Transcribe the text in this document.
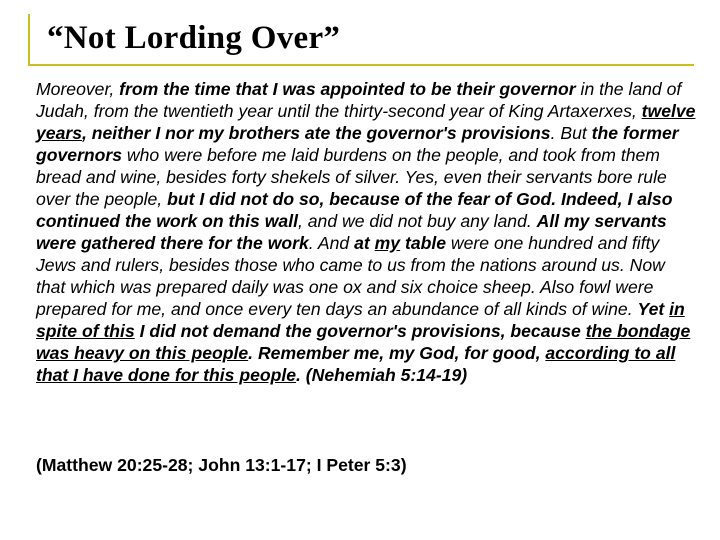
“Not Lording Over”
Moreover, from the time that I was appointed to be their governor in the land of Judah, from the twentieth year until the thirty-second year of King Artaxerxes, twelve years, neither I nor my brothers ate the governor's provisions. But the former governors who were before me laid burdens on the people, and took from them bread and wine, besides forty shekels of silver. Yes, even their servants bore rule over the people, but I did not do so, because of the fear of God. Indeed, I also continued the work on this wall, and we did not buy any land. All my servants were gathered there for the work. And at my table were one hundred and fifty Jews and rulers, besides those who came to us from the nations around us. Now that which was prepared daily was one ox and six choice sheep. Also fowl were prepared for me, and once every ten days an abundance of all kinds of wine. Yet in spite of this I did not demand the governor's provisions, because the bondage was heavy on this people. Remember me, my God, for good, according to all that I have done for this people. (Nehemiah 5:14-19)
(Matthew 20:25-28; John 13:1-17; I Peter 5:3)
